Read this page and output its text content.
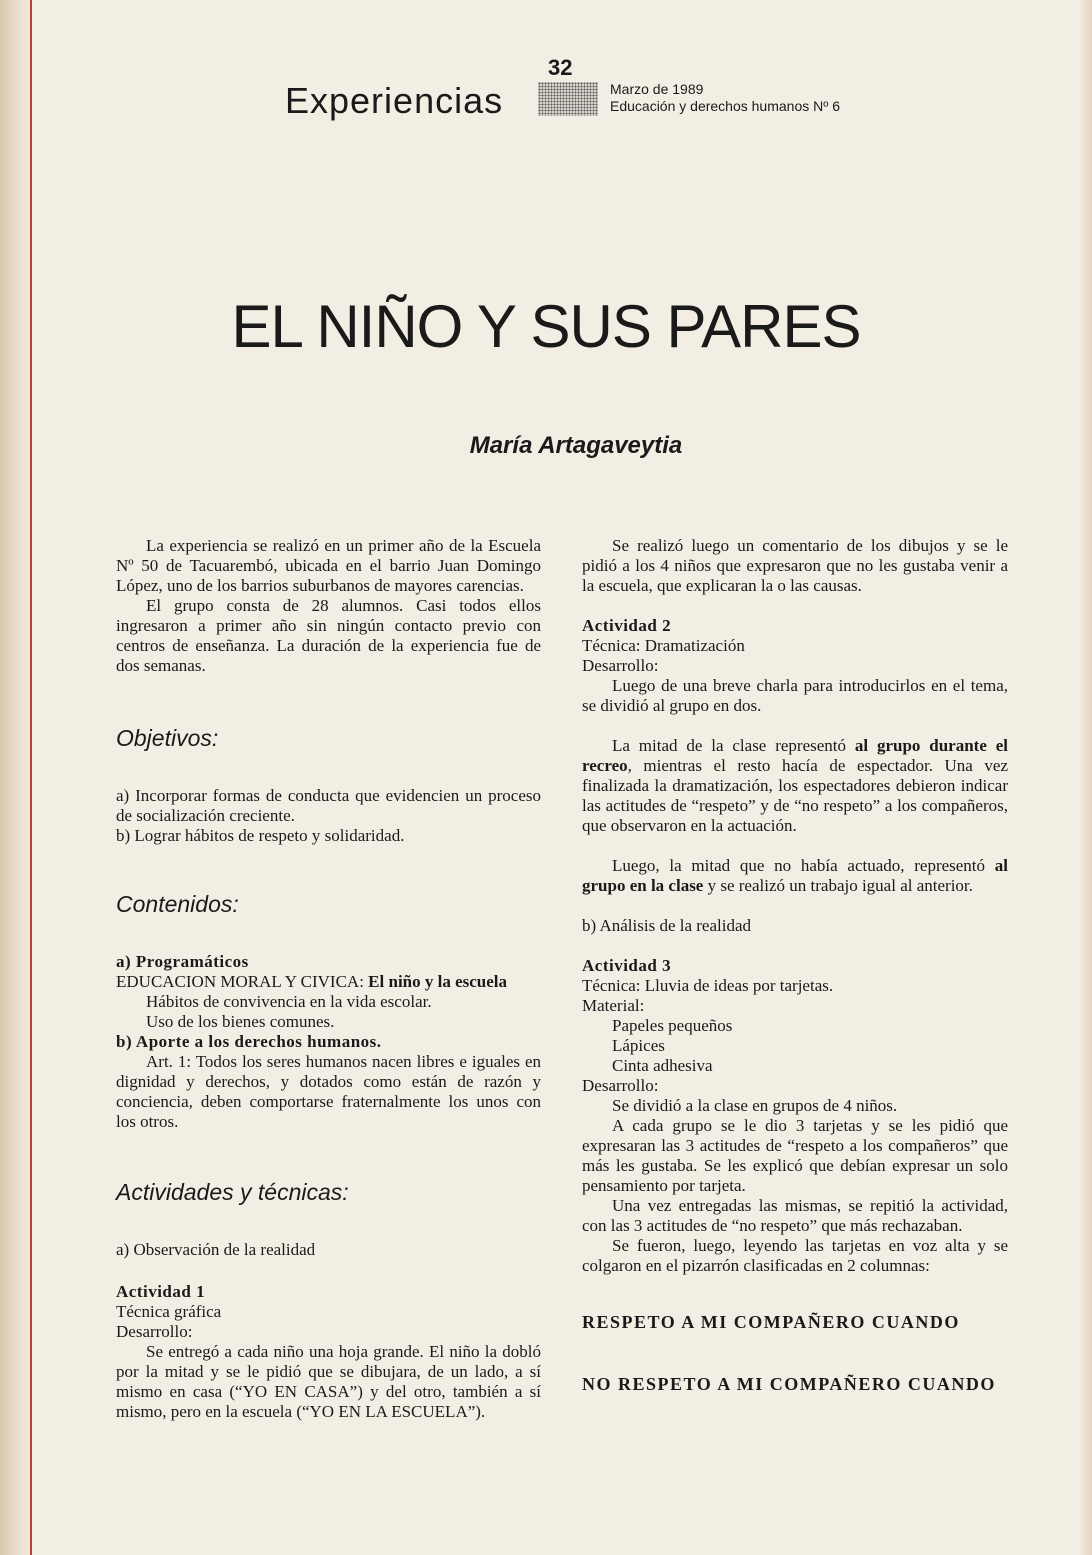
Experiencias
32
Marzo de 1989
Educación y derechos humanos Nº 6
EL NIÑO Y SUS PARES
María Artagaveytia

La experiencia se realizó en un primer año de la Escuela Nº 50 de Tacuarembó, ubicada en el barrio Juan Domingo López, uno de los barrios suburbanos de mayores carencias.

El grupo consta de 28 alumnos. Casi todos ellos ingresaron a primer año sin ningún contacto previo con centros de enseñanza. La duración de la experiencia fue de dos semanas.

Objetivos:

a) Incorporar formas de conducta que evidencien un proceso de socialización creciente.

b) Lograr hábitos de respeto y solidaridad.

Contenidos:

a) Programáticos

EDUCACION MORAL Y CIVICA: El niño y la escuela

Hábitos de convivencia en la vida escolar.

Uso de los bienes comunes.

b) Aporte a los derechos humanos.

Art. 1: Todos los seres humanos nacen libres e iguales en dignidad y derechos, y dotados como están de razón y conciencia, deben comportarse fraternalmente los unos con los otros.

Actividades y técnicas:

a) Observación de la realidad

Actividad 1

Técnica gráfica

Desarrollo:

Se entregó a cada niño una hoja grande. El niño la dobló por la mitad y se le pidió que se dibujara, de un lado, a sí mismo en casa (“YO EN CASA”) y del otro, también a sí mismo, pero en la escuela (“YO EN LA ESCUELA”).

Se realizó luego un comentario de los dibujos y se le pidió a los 4 niños que expresaron que no les gustaba venir a la escuela, que explicaran la o las causas.

Actividad 2

Técnica: Dramatización

Desarrollo:

Luego de una breve charla para introducirlos en el tema, se dividió al grupo en dos.

La mitad de la clase representó al grupo durante el recreo, mientras el resto hacía de espectador. Una vez finalizada la dramatización, los espectadores debieron indicar las actitudes de “respeto” y de “no respeto” a los compañeros, que observaron en la actuación.

Luego, la mitad que no había actuado, representó al grupo en la clase y se realizó un trabajo igual al anterior.

b) Análisis de la realidad

Actividad 3

Técnica: Lluvia de ideas por tarjetas.

Material:

Papeles pequeños

Lápices

Cinta adhesiva

Desarrollo:

Se dividió a la clase en grupos de 4 niños.

A cada grupo se le dio 3 tarjetas y se les pidió que expresaran las 3 actitudes de “respeto a los compañeros” que más les gustaba. Se les explicó que debían expresar un solo pensamiento por tarjeta.

Una vez entregadas las mismas, se repitió la actividad, con las 3 actitudes de “no respeto” que más rechazaban.

Se fueron, luego, leyendo las tarjetas en voz alta y se colgaron en el pizarrón clasificadas en 2 columnas:

RESPETO A MI COMPAÑERO CUANDO
NO RESPETO A MI COMPAÑERO CUANDO
